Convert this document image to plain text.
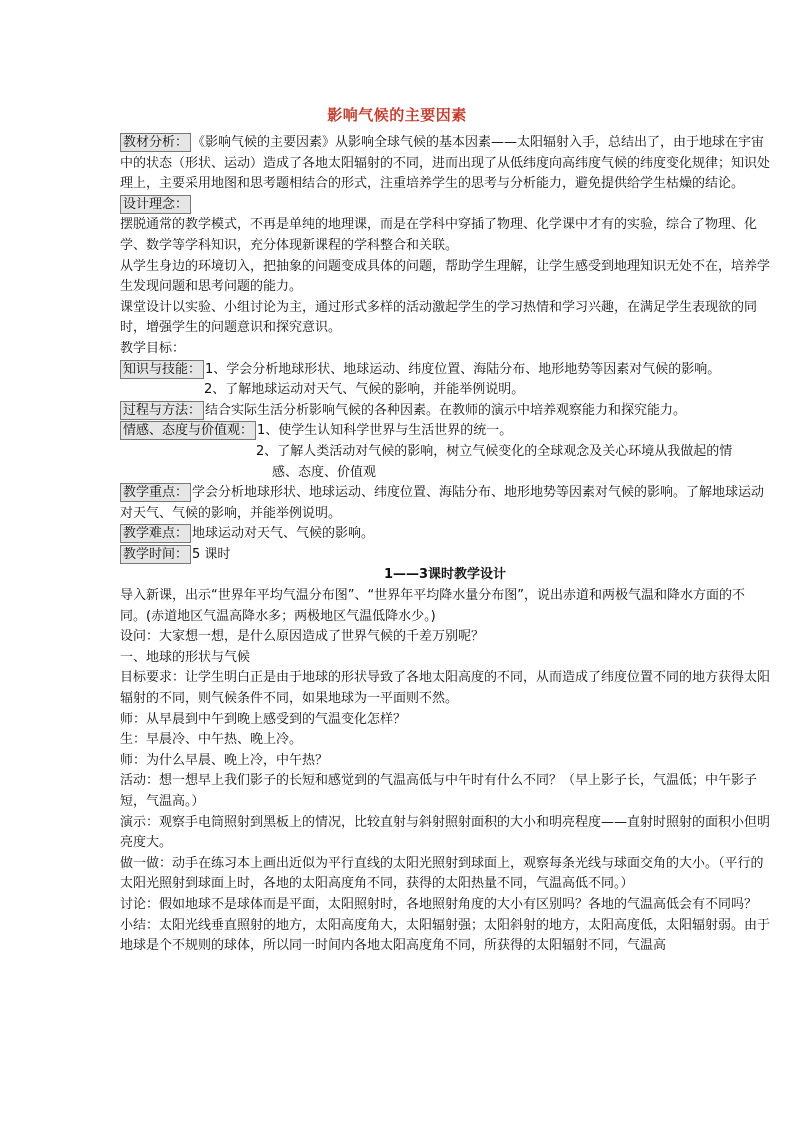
影响气候的主要因素

教材分析： 《影响气候的主要因素》从影响全球气候的基本因素——太阳辐射入手，总结出了，由于地球在宇宙中的状态（形状、运动）造成了各地太阳辐射的不同，进而出现了从低纬度向高纬度气候的纬度变化规律；知识处理上，主要采用地图和思考题相结合的形式，注重培养学生的思考与分析能力，避免提供给学生枯燥的结论。

设计理念：

摆脱通常的教学模式，不再是单纯的地理课，而是在学科中穿插了物理、化学课中才有的实验，综合了物理、化学、数学等学科知识，充分体现新课程的学科整合和关联。

从学生身边的环境切入，把抽象的问题变成具体的问题，帮助学生理解，让学生感受到地理知识无处不在，培养学生发现问题和思考问题的能力。

课堂设计以实验、小组讨论为主，通过形式多样的活动激起学生的学习热情和学习兴趣，在满足学生表现欲的同时，增强学生的问题意识和探究意识。

教学目标：

知识与技能： 1、学会分析地球形状、地球运动、纬度位置、海陆分布、地形地势等因素对气候的影响。

2、了解地球运动对天气、气候的影响，并能举例说明。

过程与方法： 结合实际生活分析影响气候的各种因素。在教师的演示中培养观察能力和探究能力。

情感、态度与价值观： 1、使学生认知科学世界与生活世界的统一。

2、了解人类活动对气候的影响，树立气候变化的全球观念及关心环境从我做起的情

感、态度、价值观

教学重点： 学会分析地球形状、地球运动、纬度位置、海陆分布、地形地势等因素对气候的影响。了解地球运动对天气、气候的影响，并能举例说明。

教学难点： 地球运动对天气、气候的影响。

教学时间： 5 课时

1——3课时教学设计

导入新课，出示“世界年平均气温分布图”、“世界年平均降水量分布图”，说出赤道和两极气温和降水方面的不同。(赤道地区气温高降水多；两极地区气温低降水少。)

设问：大家想一想，是什么原因造成了世界气候的千差万别呢？

一、地球的形状与气候

目标要求：让学生明白正是由于地球的形状导致了各地太阳高度的不同，从而造成了纬度位置不同的地方获得太阳辐射的不同，则气候条件不同，如果地球为一平面则不然。

师：从早晨到中午到晚上感受到的气温变化怎样？

生：早晨冷、中午热、晚上冷。

师：为什么早晨、晚上冷，中午热？

活动：想一想早上我们影子的长短和感觉到的气温高低与中午时有什么不同？（早上影子长，气温低；中午影子短，气温高。）

演示：观察手电筒照射到黑板上的情况，比较直射与斜射照射面积的大小和明亮程度——直射时照射的面积小但明亮度大。

做一做：动手在练习本上画出近似为平行直线的太阳光照射到球面上，观察每条光线与球面交角的大小。（平行的太阳光照射到球面上时，各地的太阳高度角不同，获得的太阳热量不同，气温高低不同。）

讨论：假如地球不是球体而是平面，太阳照射时，各地照射角度的大小有区别吗？各地的气温高低会有不同吗？

小结：太阳光线垂直照射的地方，太阳高度角大，太阳辐射强；太阳斜射的地方，太阳高度低，太阳辐射弱。由于地球是个不规则的球体，所以同一时间内各地太阳高度角不同，所获得的太阳辐射不同，气温高
